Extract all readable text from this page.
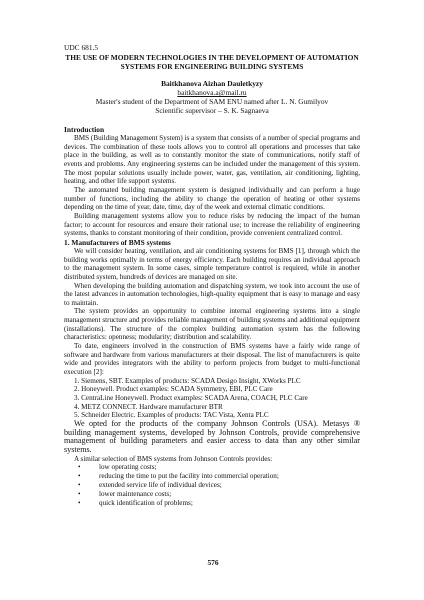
UDC 681.5
THE USE OF MODERN TECHNOLOGIES IN THE DEVELOPMENT OF AUTOMATION SYSTEMS FOR ENGINEERING BUILDING SYSTEMS
Baitkhanova Aizhan Dauletkyzy
baitkhanova.a@mail.ru
Master's student of the Department of SAM ENU named after L. N. Gumilyov
Scientific supervisor – S. K. Sagnaeva
Introduction

BMS (Building Management System) is a system that consists of a number of special programs and devices. The combination of these tools allows you to control all operations and processes that take place in the building, as well as to constantly monitor the state of communications, notify staff of events and problems. Any engineering systems can be included under the management of this system. The most popular solutions usually include power, water, gas, ventilation, air conditioning, lighting, heating, and other life support systems.

The automated building management system is designed individually and can perform a huge number of functions, including the ability to change the operation of heating or other systems depending on the time of year, date, time, day of the week and external climatic conditions.

Building management systems allow you to reduce risks by reducing the impact of the human factor; to account for resources and ensure their rational use; to increase the reliability of engineering systems, thanks to constant monitoring of their condition, provide convenient centralized control.

1. Manufacturers of BMS systems

We will consider heating, ventilation, and air conditioning systems for BMS [1], through which the building works optimally in terms of energy efficiency. Each building requires an individual approach to the management system. In some cases, simple temperature control is required, while in another distributed system, hundreds of devices are managed on site.

When developing the building automation and dispatching system, we took into account the use of the latest advances in automation technologies, high-quality equipment that is easy to manage and easy to maintain.

The system provides an opportunity to combine internal engineering systems into a single management structure and provides reliable management of building systems and additional equipment (installations). The structure of the complex building automation system has the following characteristics: openness; modularity; distribution and scalability.

To date, engineers involved in the construction of BMS systems have a fairly wide range of software and hardware from various manufacturers at their disposal. The list of manufacturers is quite wide and provides integrators with the ability to perform projects from budget to multi-functional execution [2]:

1. Siemens, SBT. Examples of products: SCADA Desigo Insight, XWorks PLC
2. Honeywell. Product examples: SCADA Symmetry, EBI, PLC Care
3. CentraLine Honeywell. Product examples: SCADA Arena, COACH, PLC Care
4. METZ CONNECT. Hardware manufacturer BTR
5. Schneider Electric. Examples of products: TAC Vista, Xenta PLC

We opted for the products of the company Johnson Controls (USA). Metasys ® building management systems, developed by Johnson Controls, provide comprehensive management of building parameters and easier access to data than any other similar systems.

A similar selection of BMS systems from Johnson Controls provides:

•	low operating costs;
•	reducing the time to put the facility into commercial operation;
•	extended service life of individual devices;
•	lower maintenance costs;
•	quick identification of problems;
576
